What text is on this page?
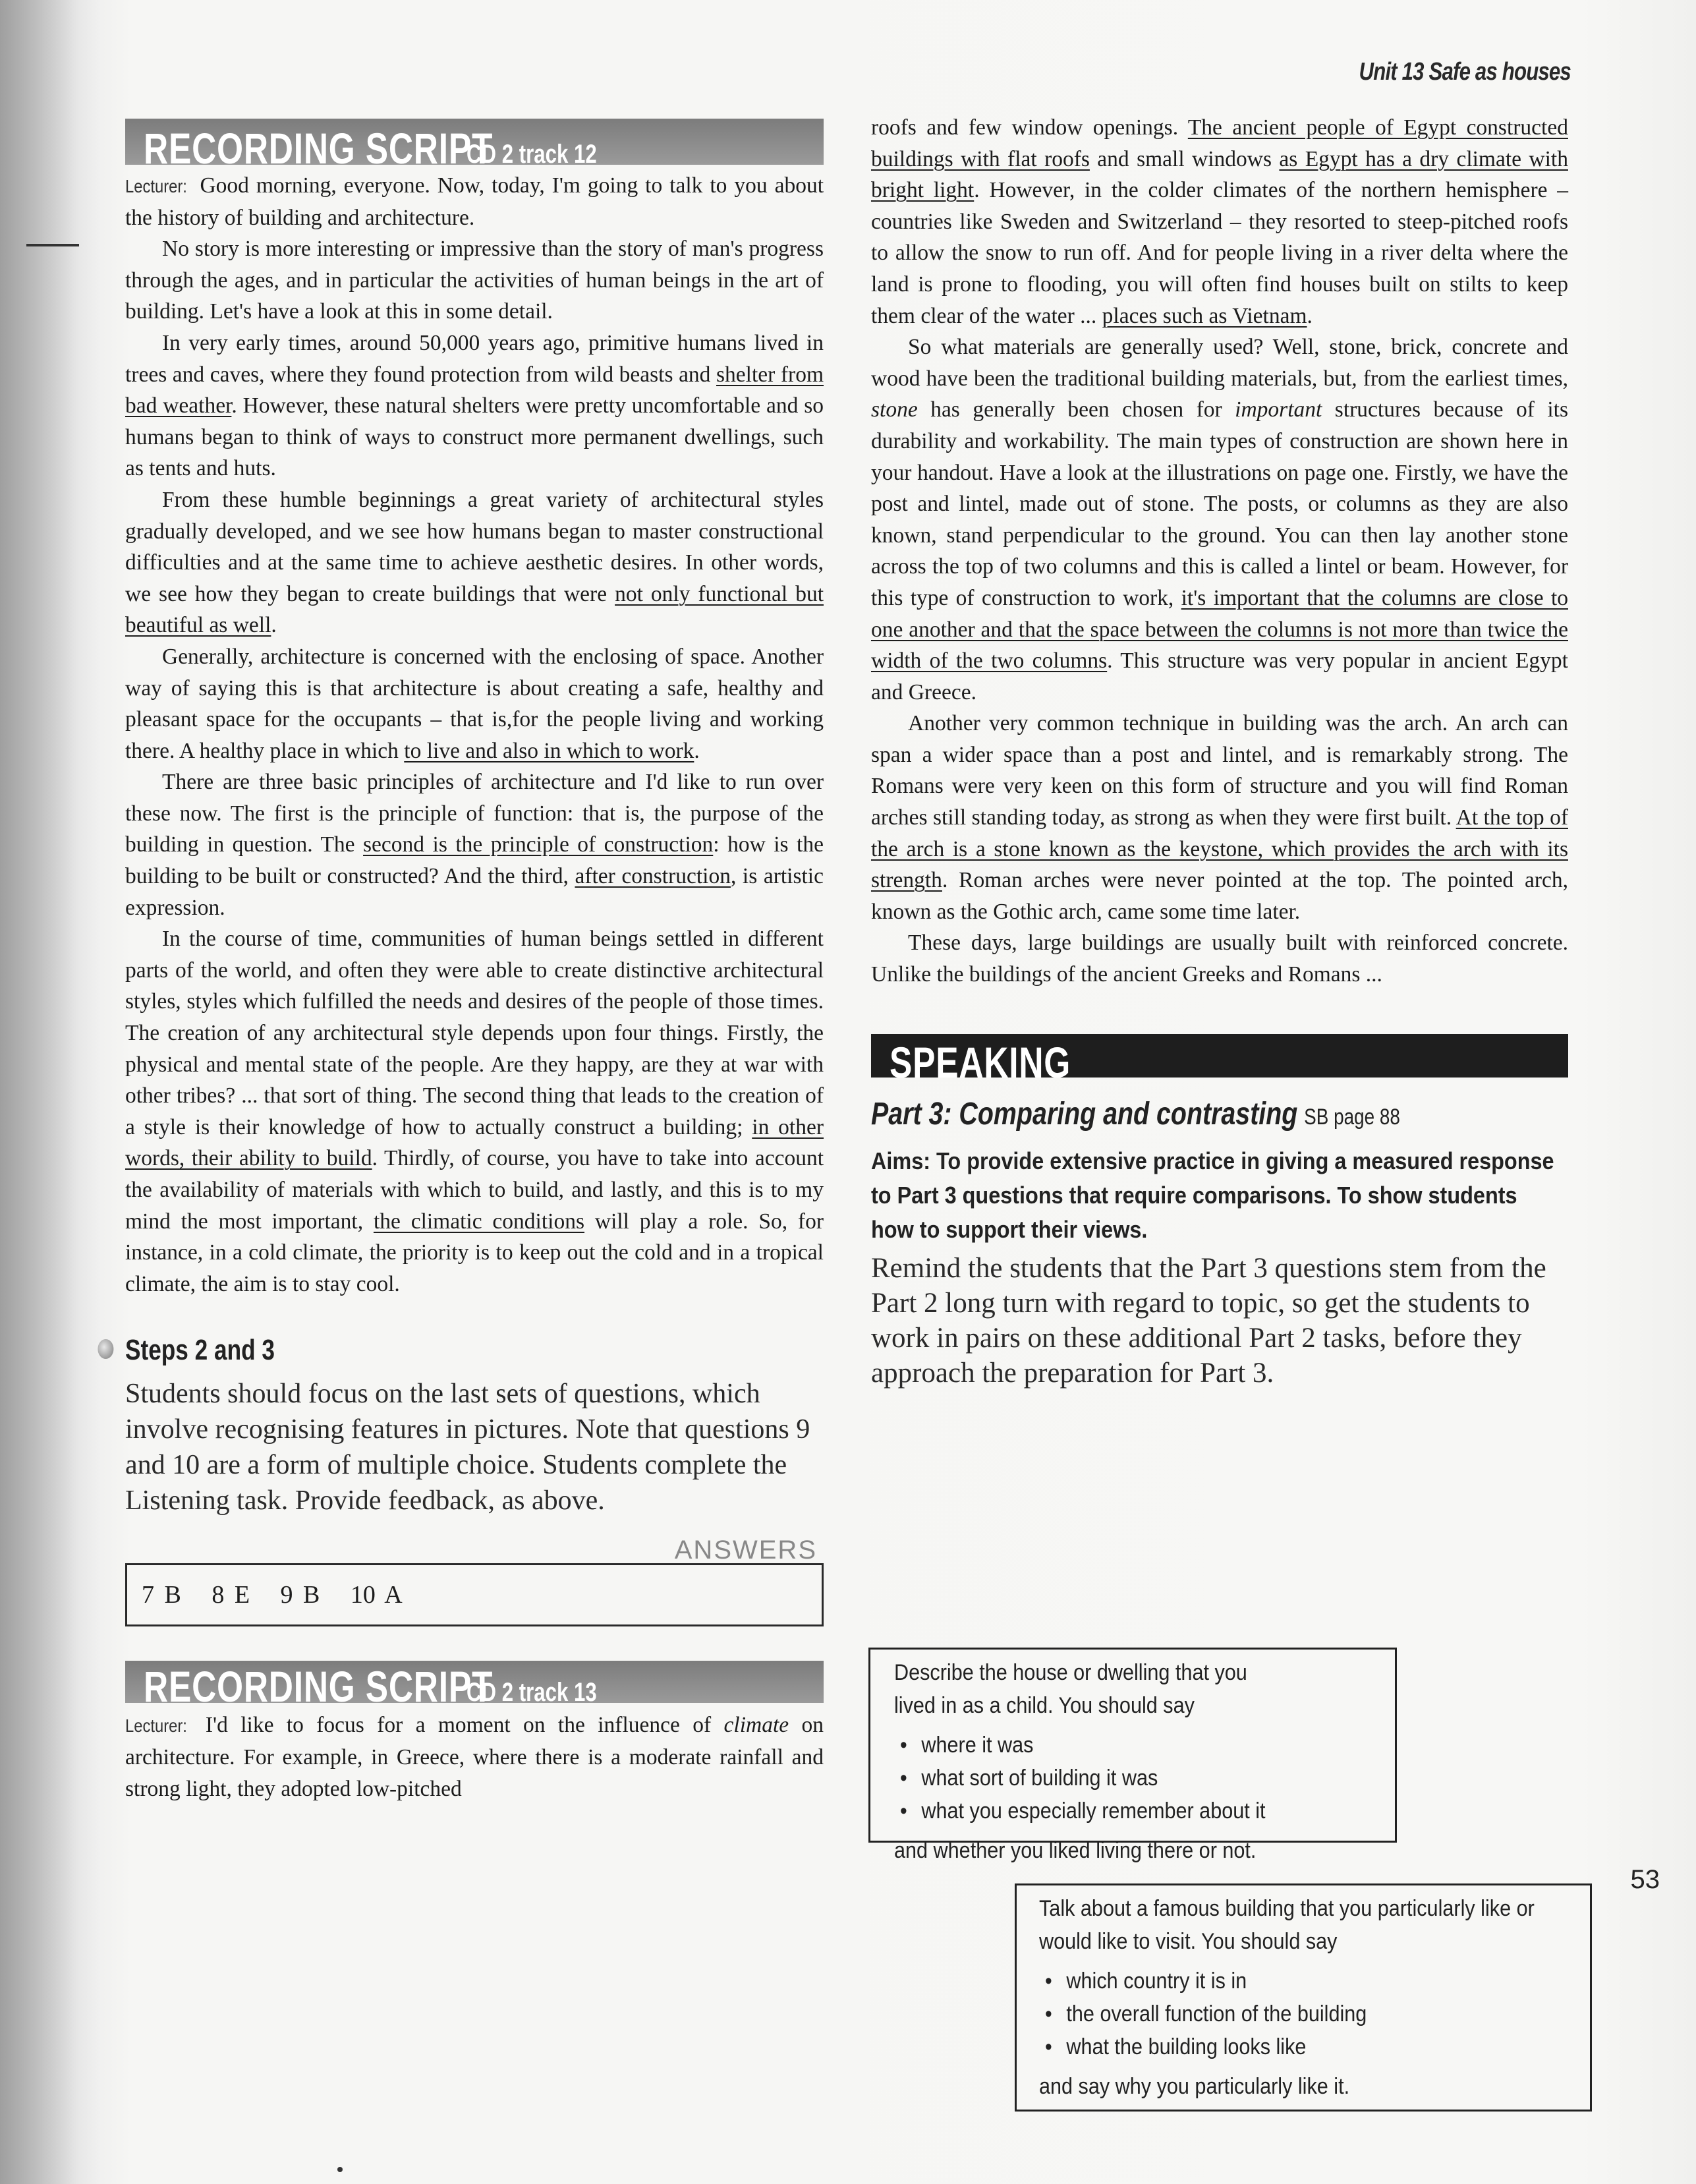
Unit 13 Safe as houses
53
RECORDING SCRIPT
CD 2 track 12

Lecturer: Good morning, everyone. Now, today, I'm going to talk to you about the history of building and architecture.

No story is more interesting or impressive than the story of man's progress through the ages, and in particular the activities of human beings in the art of building. Let's have a look at this in some detail.

In very early times, around 50,000 years ago, primitive humans lived in trees and caves, where they found protection from wild beasts and shelter from bad weather. However, these natural shelters were pretty uncomfortable and so humans began to think of ways to construct more permanent dwellings, such as tents and huts.

From these humble beginnings a great variety of architectural styles gradually developed, and we see how humans began to master constructional difficulties and at the same time to achieve aesthetic desires. In other words, we see how they began to create buildings that were not only functional but beautiful as well.

Generally, architecture is concerned with the enclosing of space. Another way of saying this is that architecture is about creating a safe, healthy and pleasant space for the occupants – that is,for the people living and working there. A healthy place in which to live and also in which to work.

There are three basic principles of architecture and I'd like to run over these now. The first is the principle of function: that is, the purpose of the building in question. The second is the principle of construction: how is the building to be built or constructed? And the third, after construction, is artistic expression.

In the course of time, communities of human beings settled in different parts of the world, and often they were able to create distinctive architectural styles, styles which fulfilled the needs and desires of the people of those times. The creation of any architectural style depends upon four things. Firstly, the physical and mental state of the people. Are they happy, are they at war with other tribes? ... that sort of thing. The second thing that leads to the creation of a style is their knowledge of how to actually construct a building; in other words, their ability to build. Thirdly, of course, you have to take into account the availability of materials with which to build, and lastly, and this is to my mind the most important, the climatic conditions will play a role. So, for instance, in a cold climate, the priority is to keep out the cold and in a tropical climate, the aim is to stay cool.

Steps 2 and 3
Students should focus on the last sets of questions, which involve recognising features in pictures. Note that questions 9 and 10 are a form of multiple choice. Students complete the Listening task. Provide feedback, as above.
ANSWERS
7 B   8 E   9 B   10 A
RECORDING SCRIPT
CD 2 track 13

Lecturer: I'd like to focus for a moment on the influence of climate on architecture. For example, in Greece, where there is a moderate rainfall and strong light, they adopted low-pitched

roofs and few window openings. The ancient people of Egypt constructed buildings with flat roofs and small windows as Egypt has a dry climate with bright light. However, in the colder climates of the northern hemisphere – countries like Sweden and Switzerland – they resorted to steep-pitched roofs to allow the snow to run off. And for people living in a river delta where the land is prone to flooding, you will often find houses built on stilts to keep them clear of the water ... places such as Vietnam.

So what materials are generally used? Well, stone, brick, concrete and wood have been the traditional building materials, but, from the earliest times, stone has generally been chosen for important structures because of its durability and workability. The main types of construction are shown here in your handout. Have a look at the illustrations on page one. Firstly, we have the post and lintel, made out of stone. The posts, or columns as they are also known, stand perpendicular to the ground. You can then lay another stone across the top of two columns and this is called a lintel or beam. However, for this type of construction to work, it's important that the columns are close to one another and that the space between the columns is not more than twice the width of the two columns. This structure was very popular in ancient Egypt and Greece.

Another very common technique in building was the arch. An arch can span a wider space than a post and lintel, and is remarkably strong. The Romans were very keen on this form of structure and you will find Roman arches still standing today, as strong as when they were first built. At the top of the arch is a stone known as the keystone, which provides the arch with its strength. Roman arches were never pointed at the top. The pointed arch, known as the Gothic arch, came some time later.

These days, large buildings are usually built with reinforced concrete. Unlike the buildings of the ancient Greeks and Romans ...

SPEAKING
Part 3: Comparing and contrasting SB page 88
Aims: To provide extensive practice in giving a measured response to Part 3 questions that require comparisons. To show students how to support their views.
Remind the students that the Part 3 questions stem from the Part 2 long turn with regard to topic, so get the students to work in pairs on these additional Part 2 tasks, before they approach the preparation for Part 3.
Describe the house or dwelling that you lived in as a child. You should say
• where it was
• what sort of building it was
• what you especially remember about it
and whether you liked living there or not.
Talk about a famous building that you particularly like or would like to visit. You should say
• which country it is in
• the overall function of the building
• what the building looks like
and say why you particularly like it.
